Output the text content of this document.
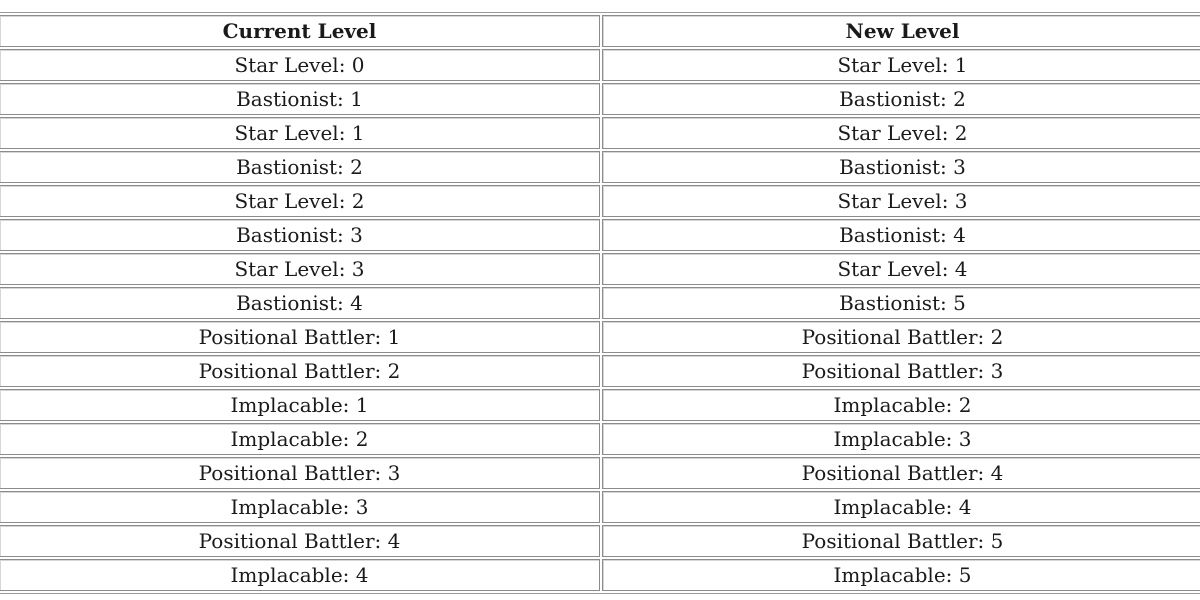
Current Level	New Level
Star Level: 0	Star Level: 1
Bastionist: 1	Bastionist: 2
Star Level: 1	Star Level: 2
Bastionist: 2	Bastionist: 3
Star Level: 2	Star Level: 3
Bastionist: 3	Bastionist: 4
Star Level: 3	Star Level: 4
Bastionist: 4	Bastionist: 5
Positional Battler: 1	Positional Battler: 2
Positional Battler: 2	Positional Battler: 3
Implacable: 1	Implacable: 2
Implacable: 2	Implacable: 3
Positional Battler: 3	Positional Battler: 4
Implacable: 3	Implacable: 4
Positional Battler: 4	Positional Battler: 5
Implacable: 4	Implacable: 5
